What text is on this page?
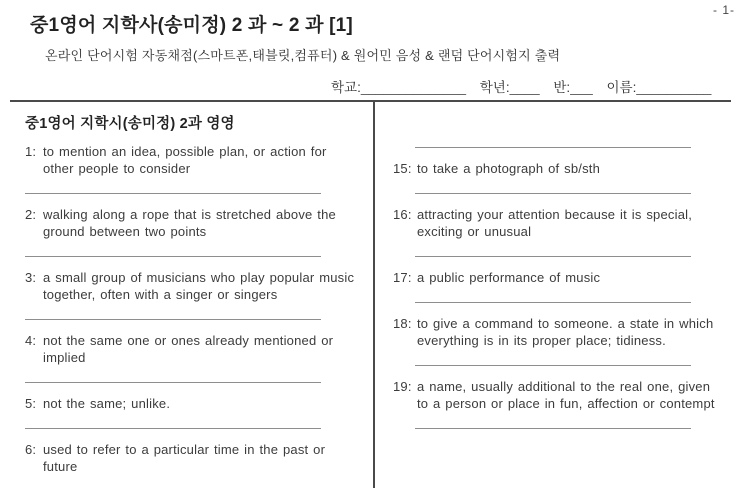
- 1-
중1영어 지학사(송미정) 2 과 ~ 2 과 [1]
온라인 단어시험 자동채점(스마트폰,태블릿,컴퓨터) & 원어민 음성 & 랜덤 단어시험지 출력
학교:______________ 학년:____ 반:___ 이름:__________
중1영어 지학시(송미정) 2과 영영
1: to mention an idea, possible plan, or action for other people to consider
2: walking along a rope that is stretched above the ground between two points
3: a small group of musicians who play popular music together, often with a singer or singers
4: not the same one or ones already mentioned or implied
5: not the same; unlike.
6: used to refer to a particular time in the past or future
15: to take a photograph of sb/sth
16: attracting your attention because it is special, exciting or unusual
17: a public performance of music
18: to give a command to someone. a state in which everything is in its proper place; tidiness.
19: a name, usually additional to the real one, given to a person or place in fun, affection or contempt
